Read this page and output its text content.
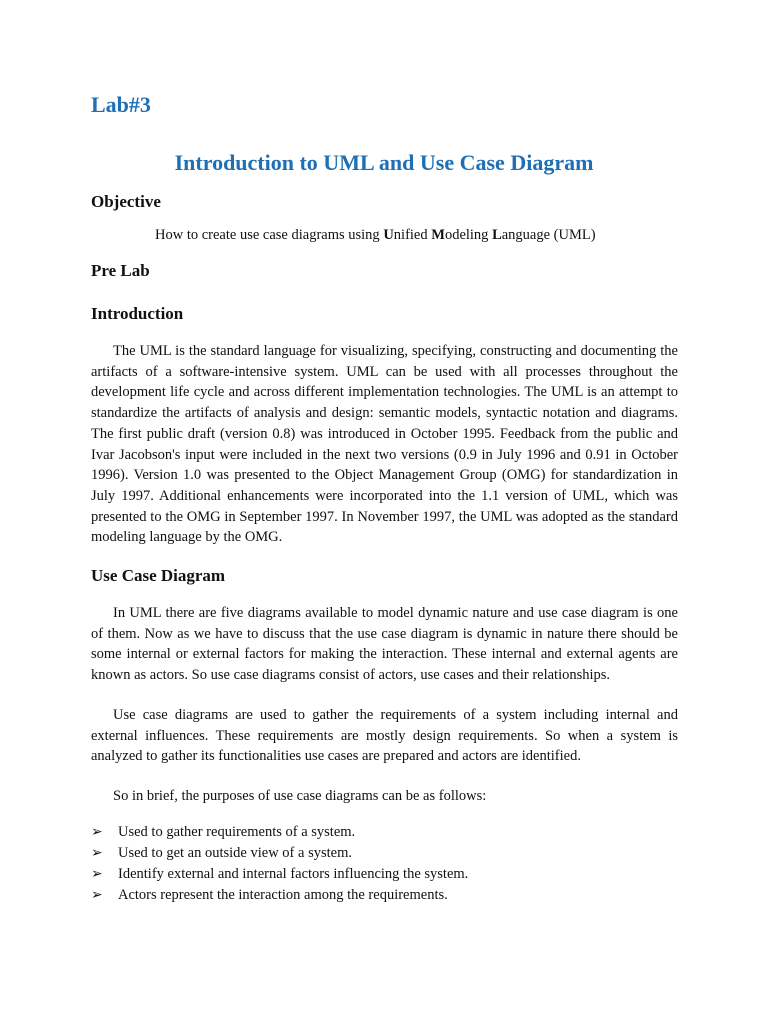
Lab#3
Introduction to UML and Use Case Diagram
Objective

How to create use case diagrams using Unified Modeling Language (UML)

Pre Lab
Introduction

The UML is the standard language for visualizing, specifying, constructing and documenting the artifacts of a software-intensive system. UML can be used with all processes throughout the development life cycle and across different implementation technologies. The UML is an attempt to standardize the artifacts of analysis and design: semantic models, syntactic notation and diagrams. The first public draft (version 0.8) was introduced in October 1995. Feedback from the public and Ivar Jacobson's input were included in the next two versions (0.9 in July 1996 and 0.91 in October 1996). Version 1.0 was presented to the Object Management Group (OMG) for standardization in July 1997. Additional enhancements were incorporated into the 1.1 version of UML, which was presented to the OMG in September 1997. In November 1997, the UML was adopted as the standard modeling language by the OMG.

Use Case Diagram

In UML there are five diagrams available to model dynamic nature and use case diagram is one of them. Now as we have to discuss that the use case diagram is dynamic in nature there should be some internal or external factors for making the interaction. These internal and external agents are known as actors. So use case diagrams consist of actors, use cases and their relationships.

Use case diagrams are used to gather the requirements of a system including internal and external influences. These requirements are mostly design requirements. So when a system is analyzed to gather its functionalities use cases are prepared and actors are identified.

So in brief, the purposes of use case diagrams can be as follows:

➢ Used to gather requirements of a system.
➢ Used to get an outside view of a system.
➢ Identify external and internal factors influencing the system.
➢ Actors represent the interaction among the requirements.
